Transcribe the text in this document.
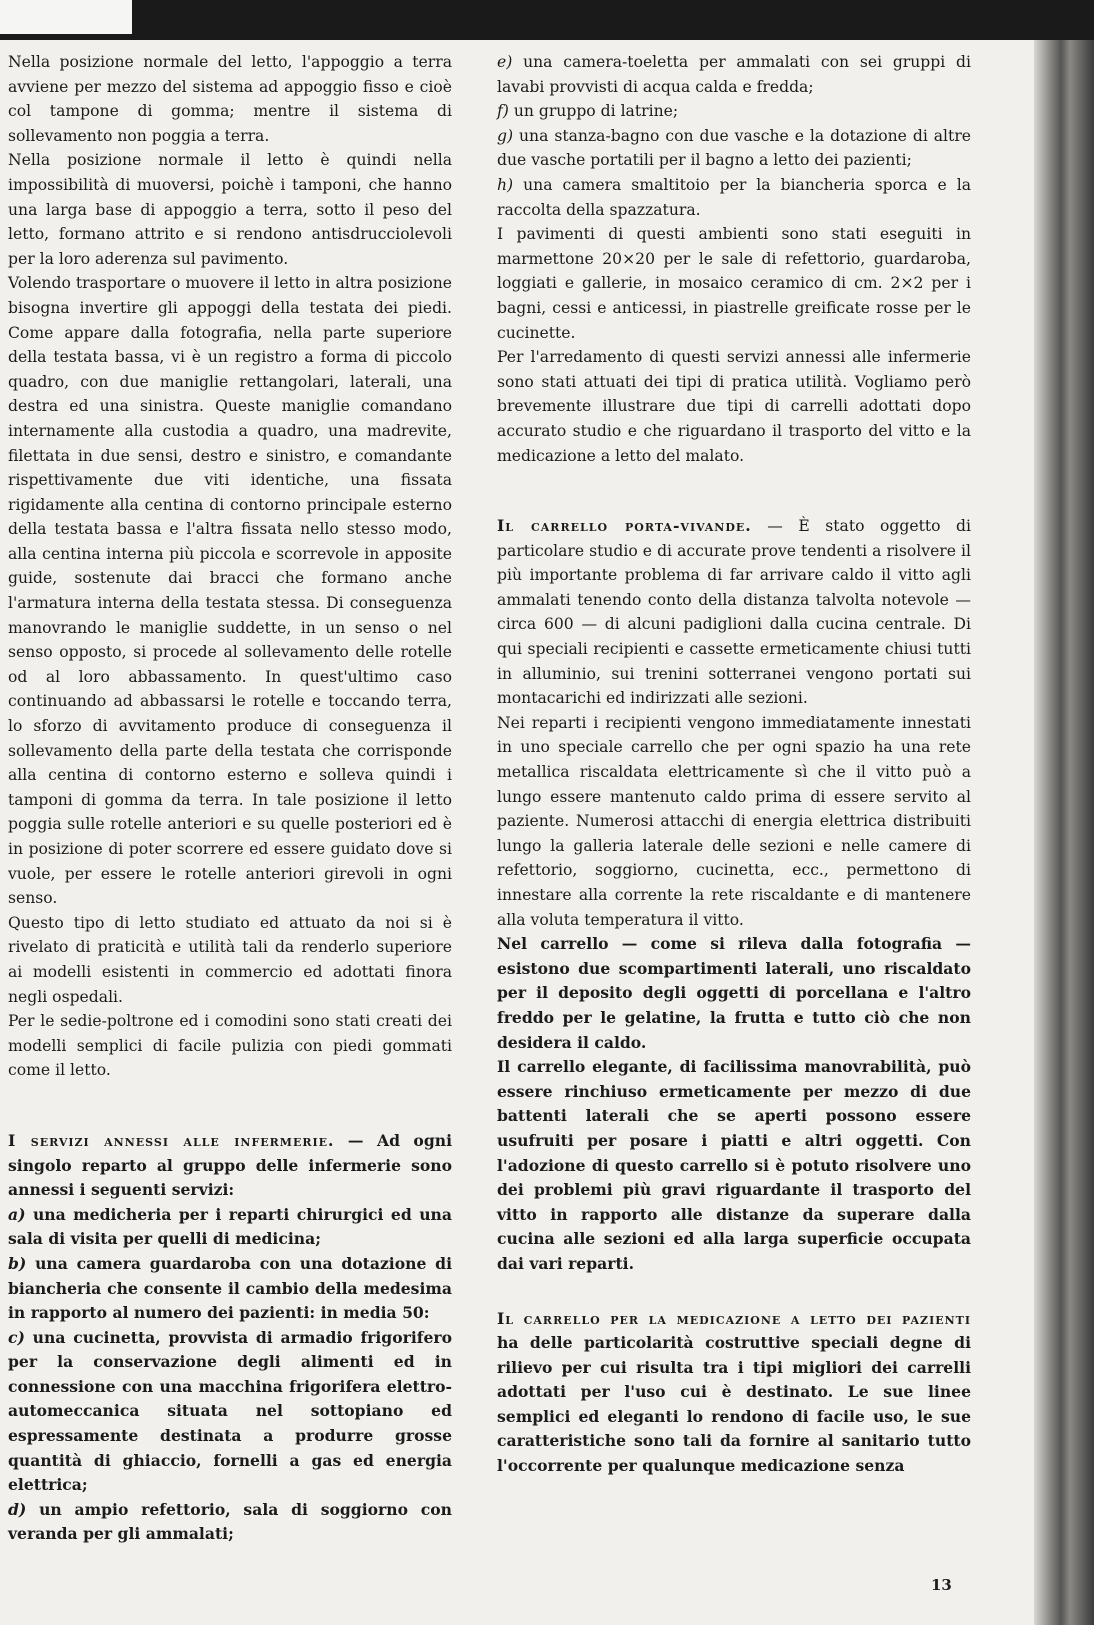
Nella posizione normale del letto, l'appoggio a terra avviene per mezzo del sistema ad appoggio fisso e cioè col tampone di gomma; mentre il sistema di sollevamento non poggia a terra.

Nella posizione normale il letto è quindi nella impossibilità di muoversi, poichè i tamponi, che hanno una larga base di appoggio a terra, sotto il peso del letto, formano attrito e si rendono antisdrucciolevoli per la loro aderenza sul pavimento.

Volendo trasportare o muovere il letto in altra posizione bisogna invertire gli appoggi della testata dei piedi. Come appare dalla fotografia, nella parte superiore della testata bassa, vi è un registro a forma di piccolo quadro, con due maniglie rettangolari, laterali, una destra ed una sinistra. Queste maniglie comandano internamente alla custodia a quadro, una madrevite, filettata in due sensi, destro e sinistro, e comandante rispettivamente due viti identiche, una fissata rigidamente alla centina di contorno principale esterno della testata bassa e l'altra fissata nello stesso modo, alla centina interna più piccola e scorrevole in apposite guide, sostenute dai bracci che formano anche l'armatura interna della testata stessa. Di conseguenza manovrando le maniglie suddette, in un senso o nel senso opposto, si procede al sollevamento delle rotelle od al loro abbassamento. In quest'ultimo caso continuando ad abbassarsi le rotelle e toccando terra, lo sforzo di avvitamento produce di conseguenza il sollevamento della parte della testata che corrisponde alla centina di contorno esterno e solleva quindi i tamponi di gomma da terra. In tale posizione il letto poggia sulle rotelle anteriori e su quelle posteriori ed è in posizione di poter scorrere ed essere guidato dove si vuole, per essere le rotelle anteriori girevoli in ogni senso.

Questo tipo di letto studiato ed attuato da noi si è rivelato di praticità e utilità tali da renderlo superiore ai modelli esistenti in commercio ed adottati finora negli ospedali.

Per le sedie-poltrone ed i comodini sono stati creati dei modelli semplici di facile pulizia con piedi gommati come il letto.

I servizi annessi alle infermerie. — Ad ogni singolo reparto al gruppo delle infermerie sono annessi i seguenti servizi:

a) una medicheria per i reparti chirurgici ed una sala di visita per quelli di medicina;

b) una camera guardaroba con una dotazione di biancheria che consente il cambio della medesima in rapporto al numero dei pazienti: in media 50:

c) una cucinetta, provvista di armadio frigorifero per la conservazione degli alimenti ed in connessione con una macchina frigorifera elettro-automeccanica situata nel sottopiano ed espressamente destinata a produrre grosse quantità di ghiaccio, fornelli a gas ed energia elettrica;

d) un ampio refettorio, sala di soggiorno con veranda per gli ammalati;

e) una camera-toeletta per ammalati con sei gruppi di lavabi provvisti di acqua calda e fredda;

f) un gruppo di latrine;

g) una stanza-bagno con due vasche e la dotazione di altre due vasche portatili per il bagno a letto dei pazienti;

h) una camera smaltitoio per la biancheria sporca e la raccolta della spazzatura.

I pavimenti di questi ambienti sono stati eseguiti in marmettone 20×20 per le sale di refettorio, guardaroba, loggiati e gallerie, in mosaico ceramico di cm. 2×2 per i bagni, cessi e anticessi, in piastrelle greificate rosse per le cucinette.

Per l'arredamento di questi servizi annessi alle infermerie sono stati attuati dei tipi di pratica utilità. Vogliamo però brevemente illustrare due tipi di carrelli adottati dopo accurato studio e che riguardano il trasporto del vitto e la medicazione a letto del malato.

Il carrello porta-vivande. — È stato oggetto di particolare studio e di accurate prove tendenti a risolvere il più importante problema di far arrivare caldo il vitto agli ammalati tenendo conto della distanza talvolta notevole — circa 600 — di alcuni padiglioni dalla cucina centrale. Di qui speciali recipienti e cassette ermeticamente chiusi tutti in alluminio, sui trenini sotterranei vengono portati sui montacarichi ed indirizzati alle sezioni.

Nei reparti i recipienti vengono immediatamente innestati in uno speciale carrello che per ogni spazio ha una rete metallica riscaldata elettricamente sì che il vitto può a lungo essere mantenuto caldo prima di essere servito al paziente. Numerosi attacchi di energia elettrica distribuiti lungo la galleria laterale delle sezioni e nelle camere di refettorio, soggiorno, cucinetta, ecc., permettono di innestare alla corrente la rete riscaldante e di mantenere alla voluta temperatura il vitto.

Nel carrello — come si rileva dalla fotografia — esistono due scompartimenti laterali, uno riscaldato per il deposito degli oggetti di porcellana e l'altro freddo per le gelatine, la frutta e tutto ciò che non desidera il caldo.

Il carrello elegante, di facilissima manovrabilità, può essere rinchiuso ermeticamente per mezzo di due battenti laterali che se aperti possono essere usufruiti per posare i piatti e altri oggetti. Con l'adozione di questo carrello si è potuto risolvere uno dei problemi più gravi riguardante il trasporto del vitto in rapporto alle distanze da superare dalla cucina alle sezioni ed alla larga superficie occupata dai vari reparti.

Il carrello per la medicazione a letto dei pazienti ha delle particolarità costruttive speciali degne di rilievo per cui risulta tra i tipi migliori dei carrelli adottati per l'uso cui è destinato. Le sue linee semplici ed eleganti lo rendono di facile uso, le sue caratteristiche sono tali da fornire al sanitario tutto l'occorrente per qualunque medicazione senza

13
